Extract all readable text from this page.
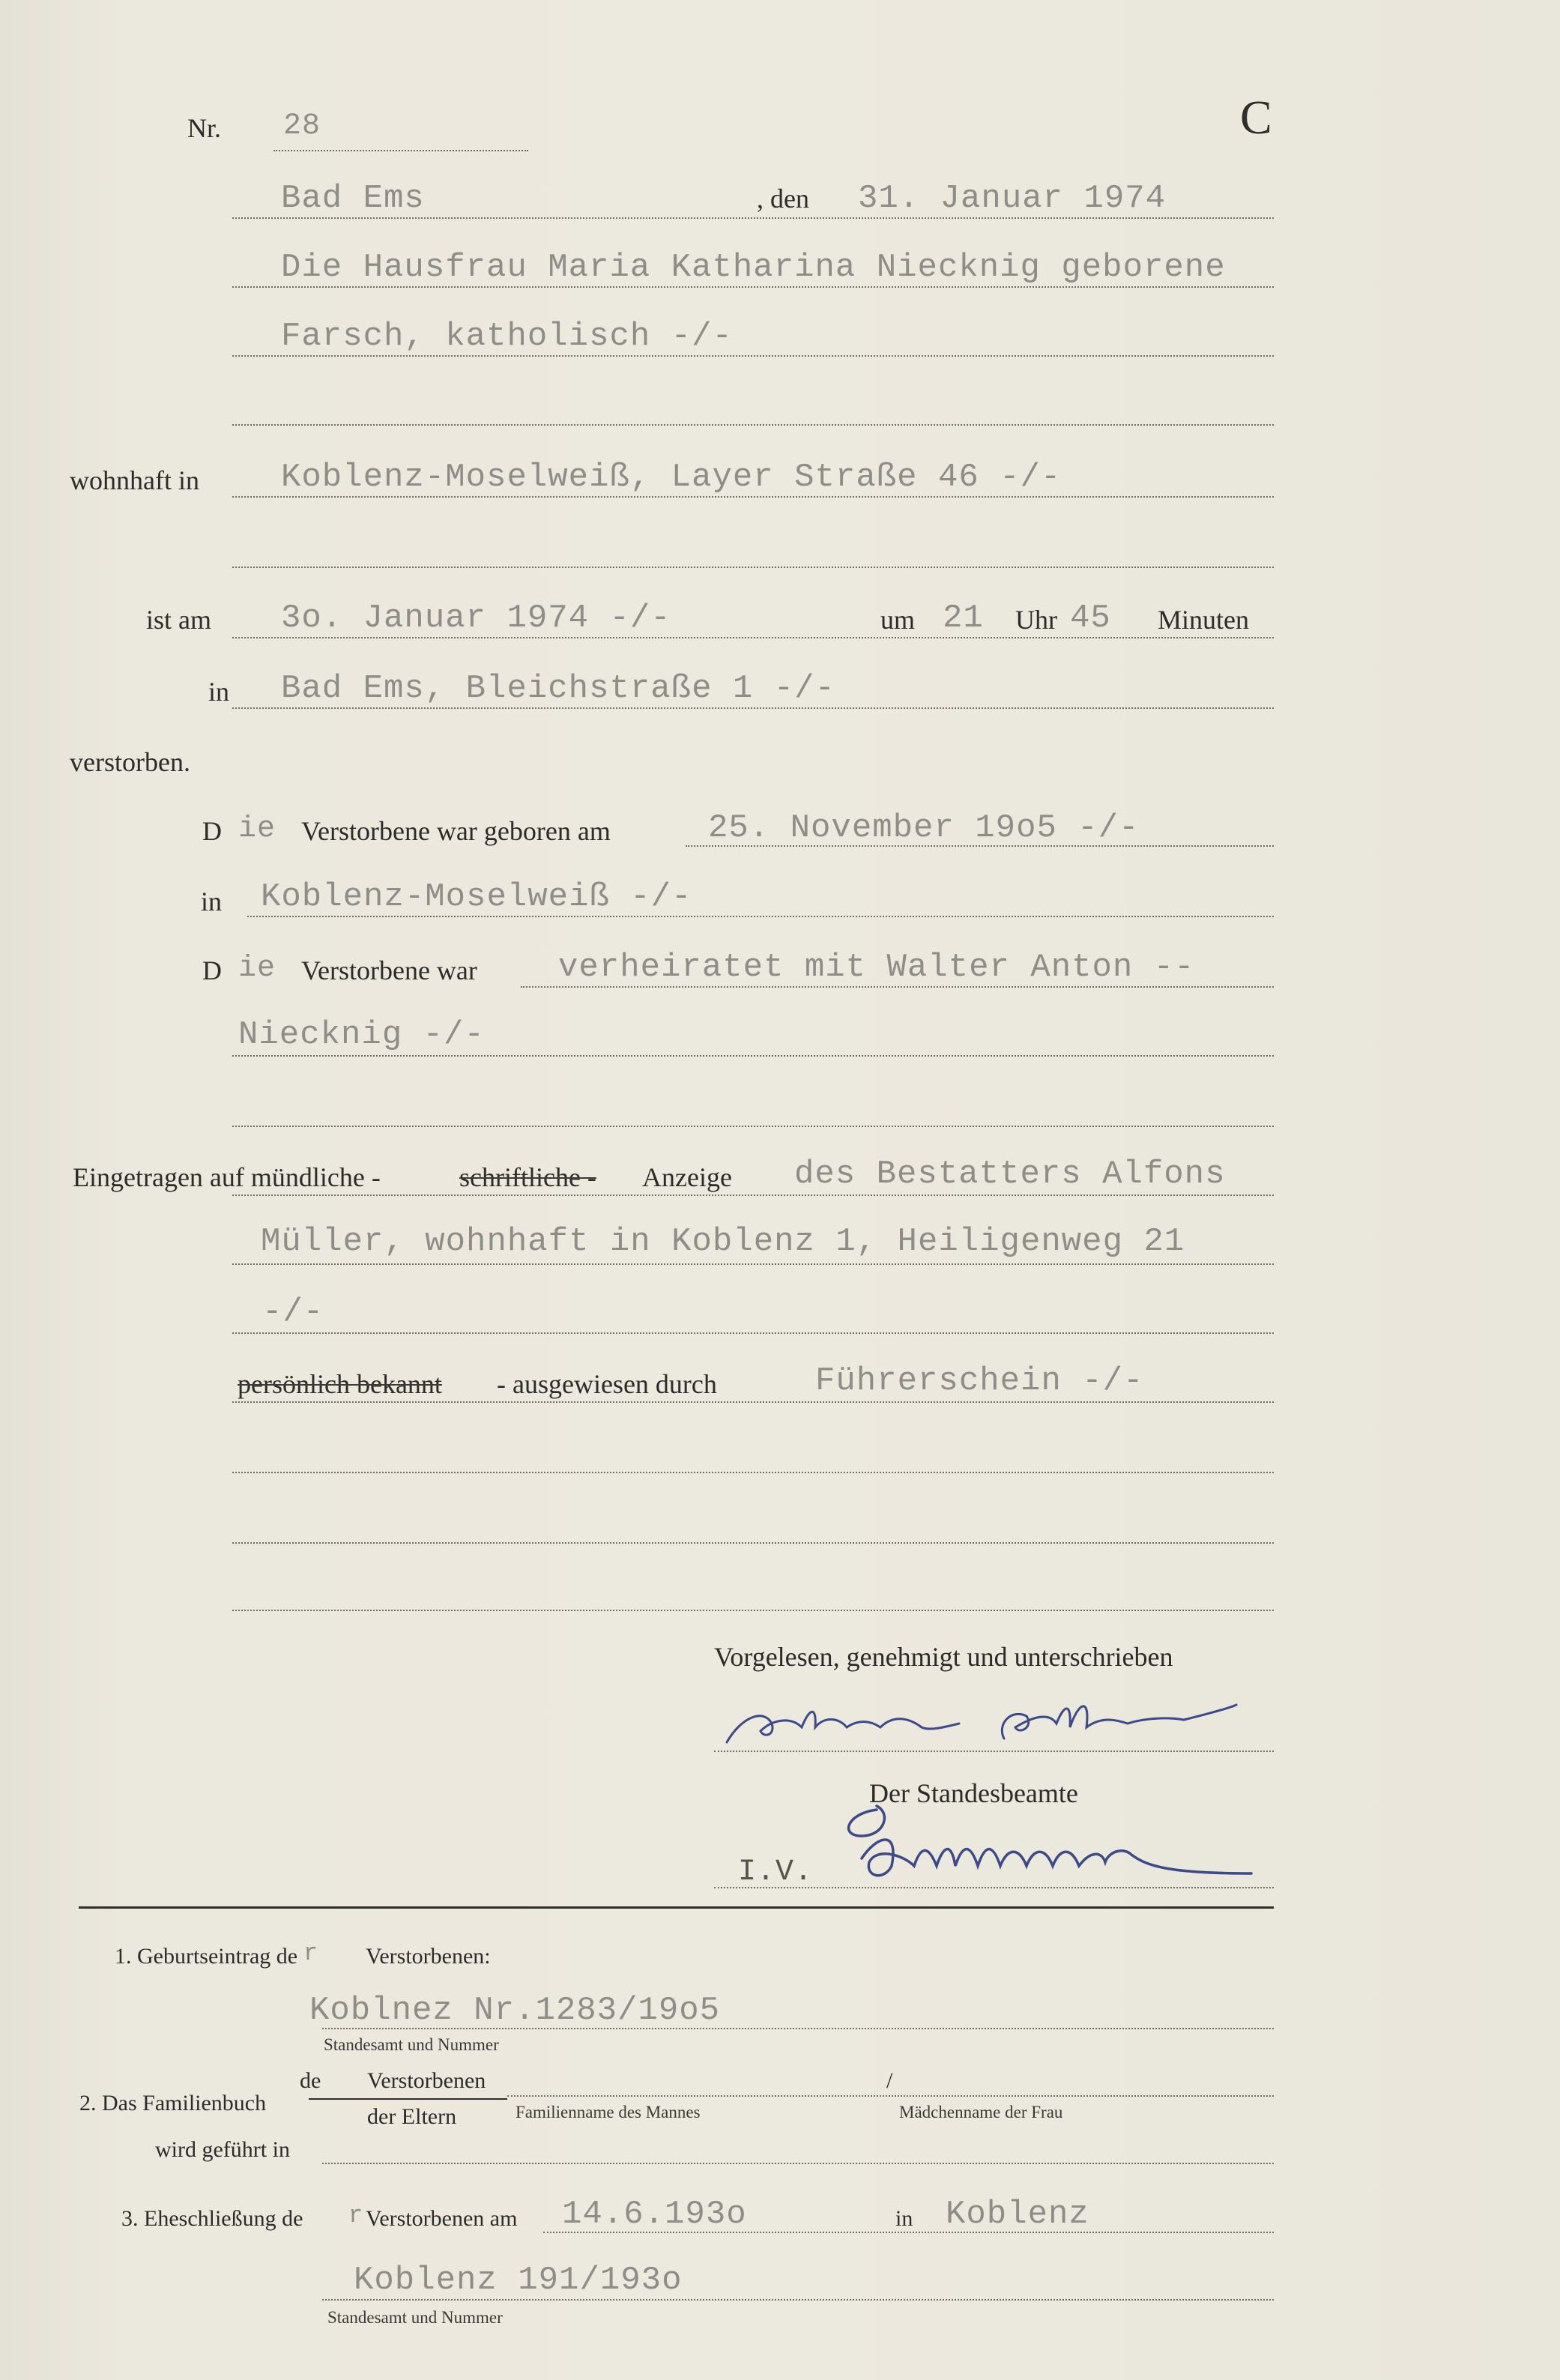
Nr. 28	C
Bad Ems	, den 31. Januar 1974
Die Hausfrau Maria Katharina Niecknig geborene
Farsch, katholisch -/-
wohnhaft in Koblenz-Moselweiß, Layer Straße 46 -/-
ist am 3o. Januar 1974 -/-	um 21 Uhr 45 Minuten
in Bad Ems, Bleichstraße 1 -/-
verstorben.
D ie Verstorbene war geboren am	25. November 19o5 -/-
in Koblenz-Moselweiß -/-
D ie Verstorbene war verheiratet mit Walter Anton --
Niecknig -/-
Eingetragen auf mündliche -	schriftliche - Anzeige des Bestatters Alfons
Müller, wohnhaft in Koblenz 1, Heiligenweg 21
-/-
persönlich bekannt - ausgewiesen durch	Führerschein -/-
Vorgelesen, genehmigt und unterschrieben
Der Standesbeamte
I.V.
1. Geburtseintrag de r Verstorbenen:
Koblnez Nr.1283/19o5
Standesamt und Nummer
2. Das Familienbuch
de Verstorbenen
der Eltern
/
Familienname des Mannes	Mädchenname der Frau
wird geführt in
3. Eheschließung de r Verstorbenen am 14.6.193o	in Koblenz
Koblenz 191/193o
Standesamt und Nummer
